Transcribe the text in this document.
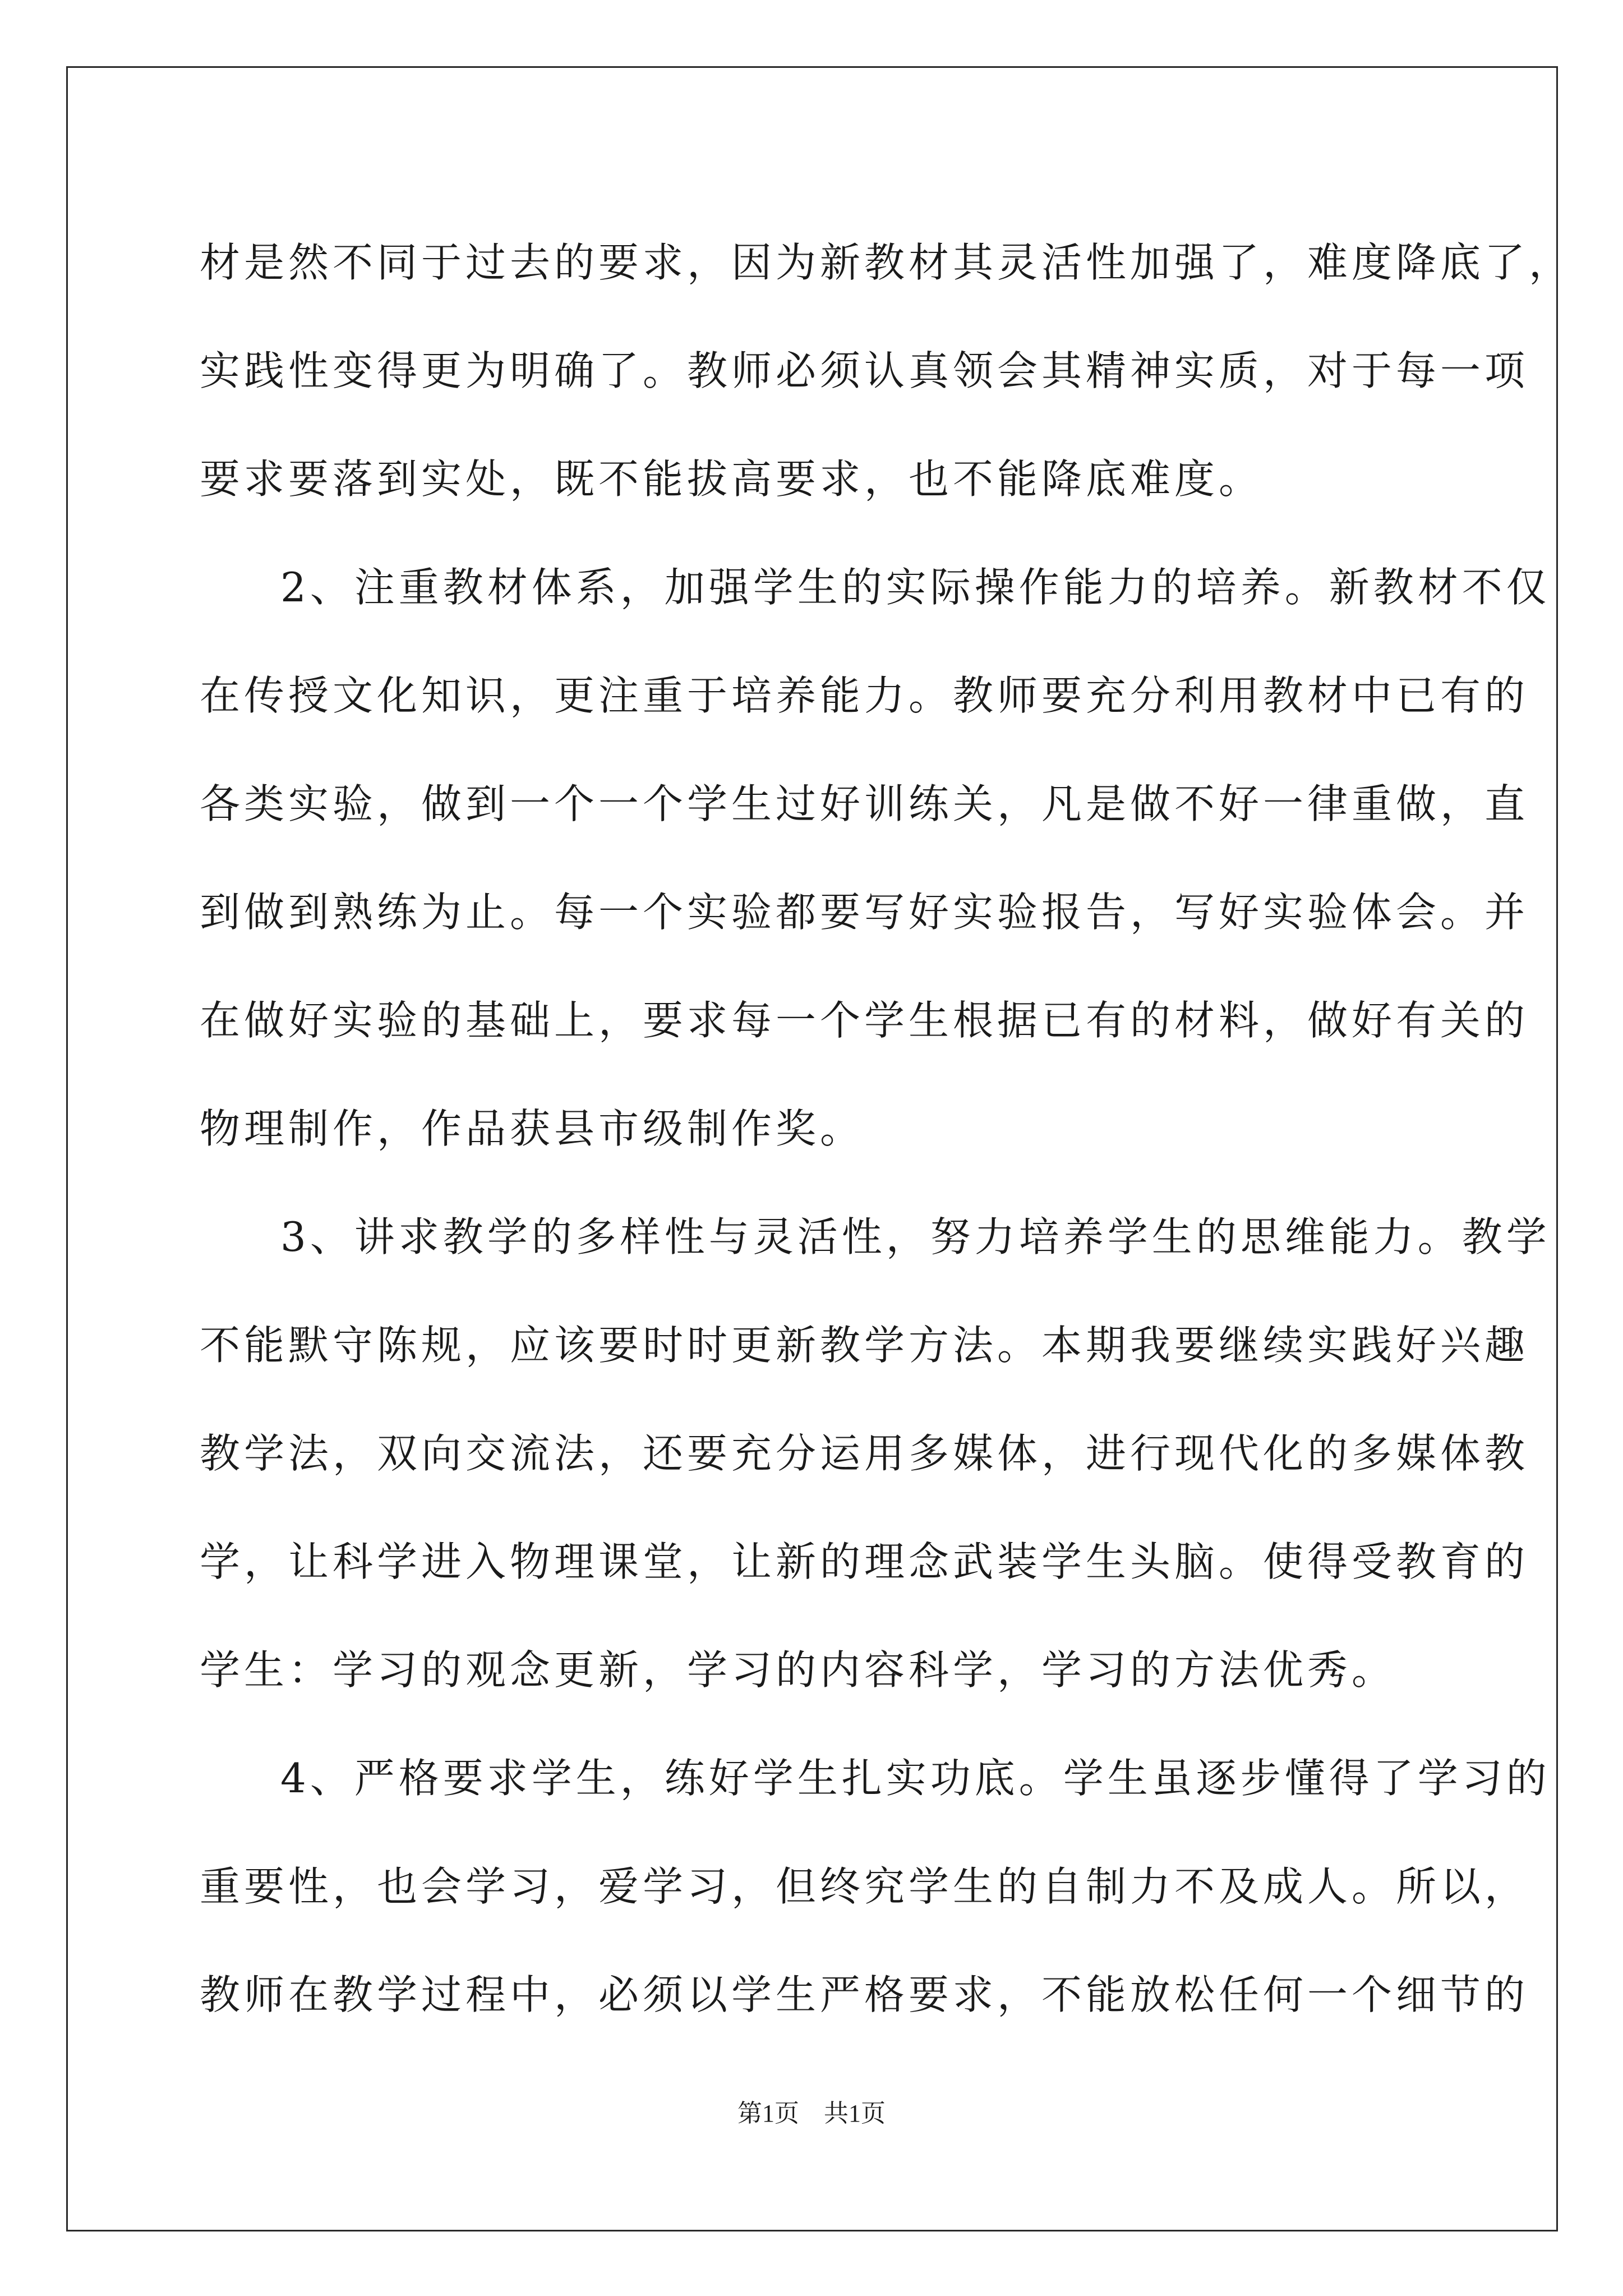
材是然不同于过去的要求，因为新教材其灵活性加强了，难度降底了，
实践性变得更为明确了。教师必须认真领会其精神实质，对于每一项
要求要落到实处，既不能拔高要求，也不能降底难度。
2、注重教材体系，加强学生的实际操作能力的培养。新教材不仅
在传授文化知识，更注重于培养能力。教师要充分利用教材中已有的
各类实验，做到一个一个学生过好训练关，凡是做不好一律重做，直
到做到熟练为止。每一个实验都要写好实验报告，写好实验体会。并
在做好实验的基础上，要求每一个学生根据已有的材料，做好有关的
物理制作，作品获县市级制作奖。
3、讲求教学的多样性与灵活性，努力培养学生的思维能力。教学
不能默守陈规，应该要时时更新教学方法。本期我要继续实践好兴趣
教学法，双向交流法，还要充分运用多媒体，进行现代化的多媒体教
学，让科学进入物理课堂，让新的理念武装学生头脑。使得受教育的
学生：学习的观念更新，学习的内容科学，学习的方法优秀。
4、严格要求学生，练好学生扎实功底。学生虽逐步懂得了学习的
重要性，也会学习，爱学习，但终究学生的自制力不及成人。所以，
教师在教学过程中，必须以学生严格要求，不能放松任何一个细节的
第1页　共1页
